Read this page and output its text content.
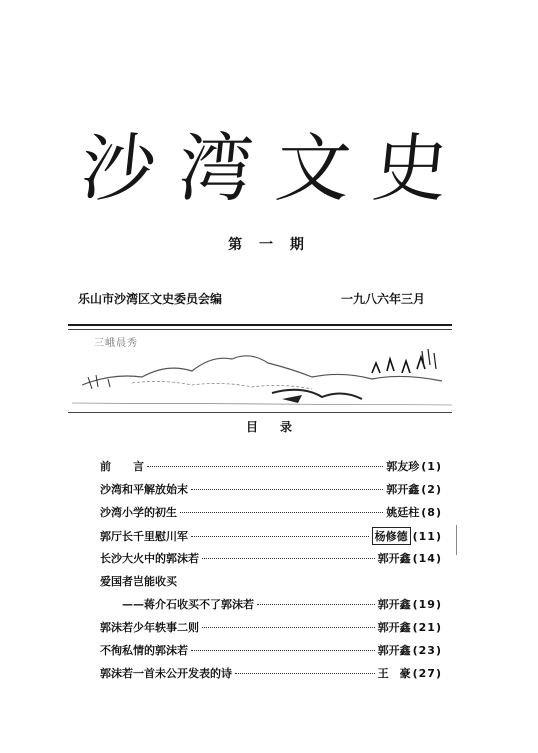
沙 湾 文 史
第 一 期
乐山市沙湾区文史委员会编	一九八六年三月
三峨晨秀
目录
前　　言	郭友珍 (1)
沙湾和平解放始末	郭开鑫 (2)
沙湾小学的初生	姚廷柱 (8)
郭厅长千里慰川军	杨修德 (11)
长沙大火中的郭沫若	郭开鑫 (14)
爱国者岂能收买
——蒋介石收买不了郭沫若	郭开鑫 (19)
郭沫若少年轶事二则	郭开鑫 (21)
不徇私情的郭沫若	郭开鑫 (23)
郭沫若一首未公开发表的诗	王　豪 (27)
